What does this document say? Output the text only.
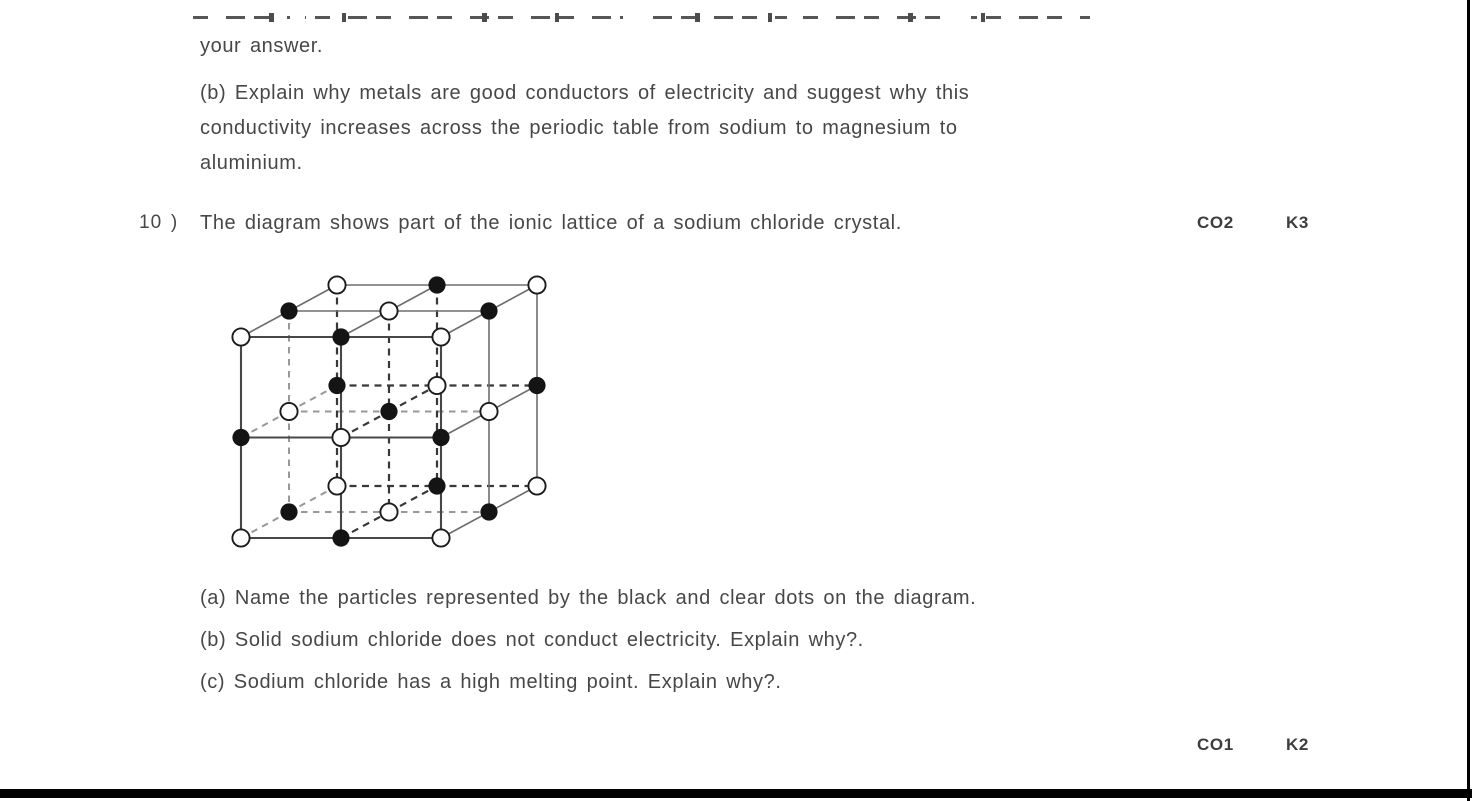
your answer.
(b) Explain why metals are good conductors of electricity and suggest why this
conductivity increases across the periodic table from sodium to magnesium to
aluminium.
10 ) The diagram shows part of the ionic lattice of a sodium chloride crystal.	CO2	K3
(a) Name the particles represented by the black and clear dots on the diagram.
(b) Solid sodium chloride does not conduct electricity. Explain why?.
(c) Sodium chloride has a high melting point. Explain why?.
CO1	K2
